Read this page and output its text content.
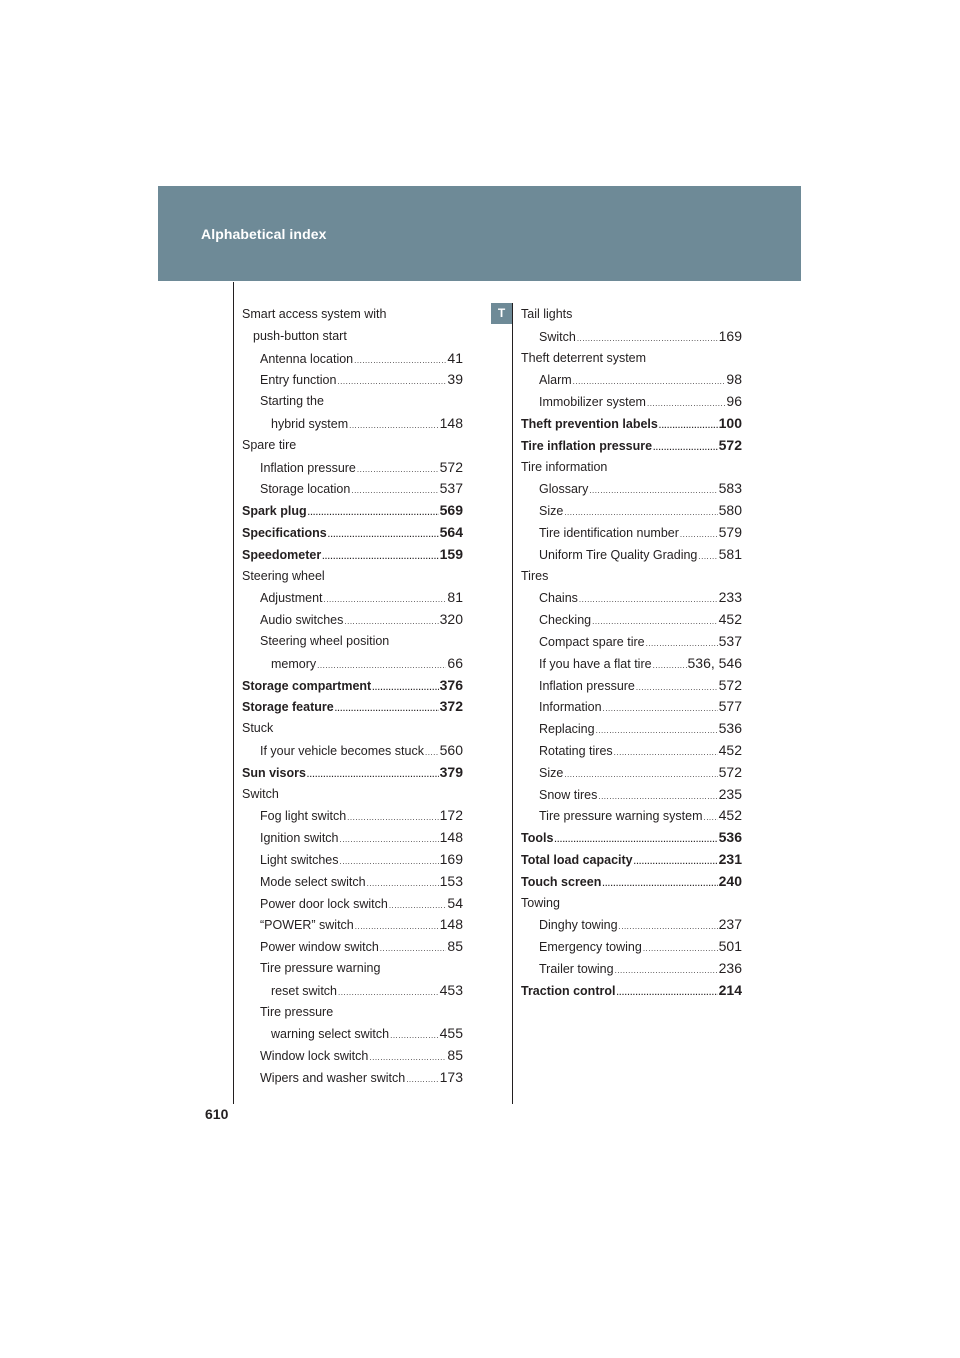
Alphabetical index
T
Smart access system with
push-button start
Antenna location .....	41
Entry function .....	39
Starting the
hybrid system .....	148
Spare tire
Inflation pressure .....	572
Storage location .....	537
Spark plug .....	569
Specifications .....	564
Speedometer .....	159
Steering wheel
Adjustment .....	81
Audio switches .....	320
Steering wheel position
memory .....	66
Storage compartment .....	376
Storage feature .....	372
Stuck
If your vehicle becomes stuck ..... 560
Sun visors .....	379
Switch
Fog light switch .....	172
Ignition switch .....	148
Light switches .....	169
Mode select switch .....	153
Power door lock switch .....	54
“POWER” switch .....	148
Power window switch .....	85
Tire pressure warning
reset switch .....	453
Tire pressure
warning select switch .....	455
Window lock switch .....	85
Wipers and washer switch ..... 173
Tail lights
Switch .....	169
Theft deterrent system
Alarm .....	98
Immobilizer system .....	96
Theft prevention labels .....	100
Tire inflation pressure .....	572
Tire information
Glossary .....	583
Size .....	580
Tire identification number .....	579
Uniform Tire Quality Grading ..... 581
Tires
Chains .....	233
Checking .....	452
Compact spare tire .....	537
If you have a flat tire .....	536, 546
Inflation pressure .....	572
Information .....	577
Replacing .....	536
Rotating tires .....	452
Size .....	572
Snow tires .....	235
Tire pressure warning system ..... 452
Tools .....	536
Total load capacity .....	231
Touch screen .....	240
Towing
Dinghy towing .....	237
Emergency towing .....	501
Trailer towing .....	236
Traction control .....	214
610
